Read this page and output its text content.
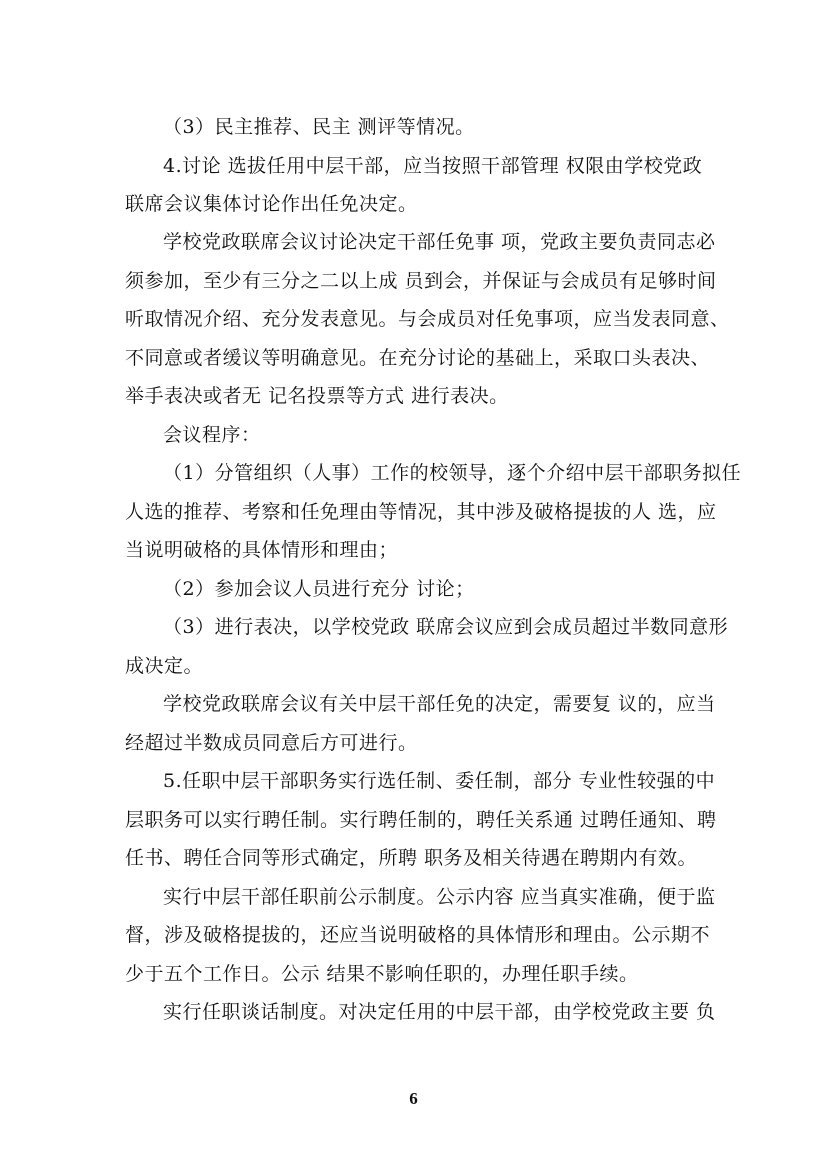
（3）民主推荐、民主 测评等情况。
4.讨论 选拔任用中层干部，应当按照干部管理 权限由学校党政
联席会议集体讨论作出任免决定。
学校党政联席会议讨论决定干部任免事 项，党政主要负责同志必
须参加，至少有三分之二以上成 员到会，并保证与会成员有足够时间
听取情况介绍、充分发表意见。与会成员对任免事项，应当发表同意、
不同意或者缓议等明确意见。在充分讨论的基础上，采取口头表决、
举手表决或者无 记名投票等方式 进行表决。
会议程序：
（1）分管组织（人事）工作的校领导，逐个介绍中层干部职务拟任
人选的推荐、考察和任免理由等情况，其中涉及破格提拔的人 选，应
当说明破格的具体情形和理由；
（2）参加会议人员进行充分 讨论；
（3）进行表决，以学校党政 联席会议应到会成员超过半数同意形
成决定。
学校党政联席会议有关中层干部任免的决定，需要复 议的，应当
经超过半数成员同意后方可进行。
5.任职中层干部职务实行选任制、委任制，部分 专业性较强的中
层职务可以实行聘任制。实行聘任制的，聘任关系通 过聘任通知、聘
任书、聘任合同等形式确定，所聘 职务及相关待遇在聘期内有效。
实行中层干部任职前公示制度。公示内容 应当真实准确，便于监
督，涉及破格提拔的，还应当说明破格的具体情形和理由。公示期不
少于五个工作日。公示 结果不影响任职的，办理任职手续。
实行任职谈话制度。对决定任用的中层干部，由学校党政主要 负
6
